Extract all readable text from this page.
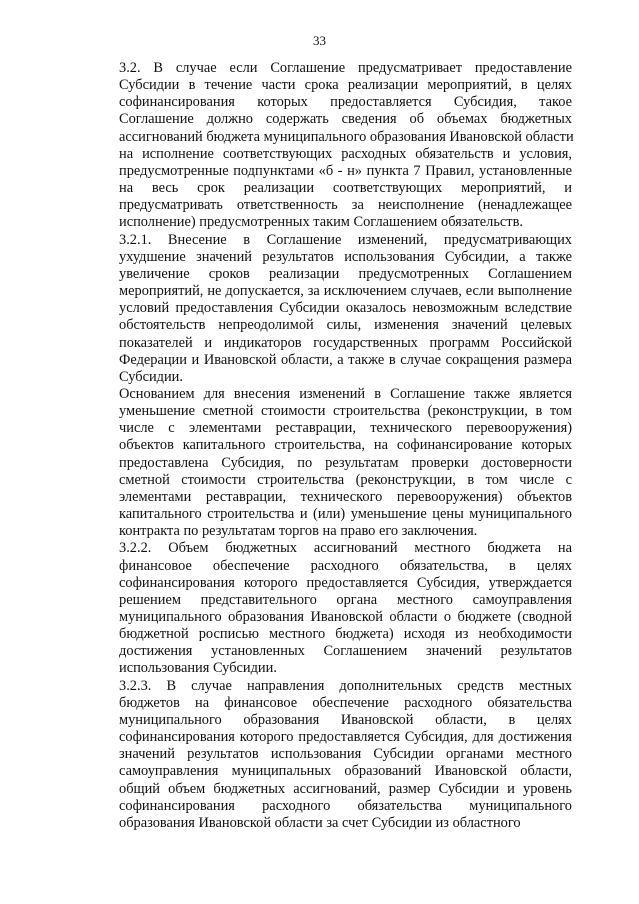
33
3.2. В случае если Соглашение предусматривает предоставление
Субсидии в течение части срока реализации мероприятий, в целях
софинансирования которых предоставляется Субсидия, такое
Соглашение должно содержать сведения об объемах бюджетных
ассигнований бюджета муниципального образования Ивановской области
на исполнение соответствующих расходных обязательств и условия,
предусмотренные подпунктами «б - н» пункта 7 Правил, установленные
на весь срок реализации соответствующих мероприятий, и
предусматривать ответственность за неисполнение (ненадлежащее
исполнение) предусмотренных таким Соглашением обязательств.
3.2.1. Внесение в Соглашение изменений, предусматривающих
ухудшение значений результатов использования Субсидии, а также
увеличение сроков реализации предусмотренных Соглашением
мероприятий, не допускается, за исключением случаев, если выполнение
условий предоставления Субсидии оказалось невозможным вследствие
обстоятельств непреодолимой силы, изменения значений целевых
показателей и индикаторов государственных программ Российской
Федерации и Ивановской области, а также в случае сокращения размера
Субсидии.
Основанием для внесения изменений в Соглашение также является
уменьшение сметной стоимости строительства (реконструкции, в том
числе с элементами реставрации, технического перевооружения)
объектов капитального строительства, на софинансирование которых
предоставлена Субсидия, по результатам проверки достоверности
сметной стоимости строительства (реконструкции, в том числе с
элементами реставрации, технического перевооружения) объектов
капитального строительства и (или) уменьшение цены муниципального
контракта по результатам торгов на право его заключения.
3.2.2. Объем бюджетных ассигнований местного бюджета на
финансовое обеспечение расходного обязательства, в целях
софинансирования которого предоставляется Субсидия, утверждается
решением представительного органа местного самоуправления
муниципального образования Ивановской области о бюджете (сводной
бюджетной росписью местного бюджета) исходя из необходимости
достижения установленных Соглашением значений результатов
использования Субсидии.
3.2.3. В случае направления дополнительных средств местных
бюджетов на финансовое обеспечение расходного обязательства
муниципального образования Ивановской области, в целях
софинансирования которого предоставляется Субсидия, для достижения
значений результатов использования Субсидии органами местного
самоуправления муниципальных образований Ивановской области,
общий объем бюджетных ассигнований, размер Субсидии и уровень
софинансирования расходного обязательства муниципального
образования Ивановской области за счет Субсидии из областного
